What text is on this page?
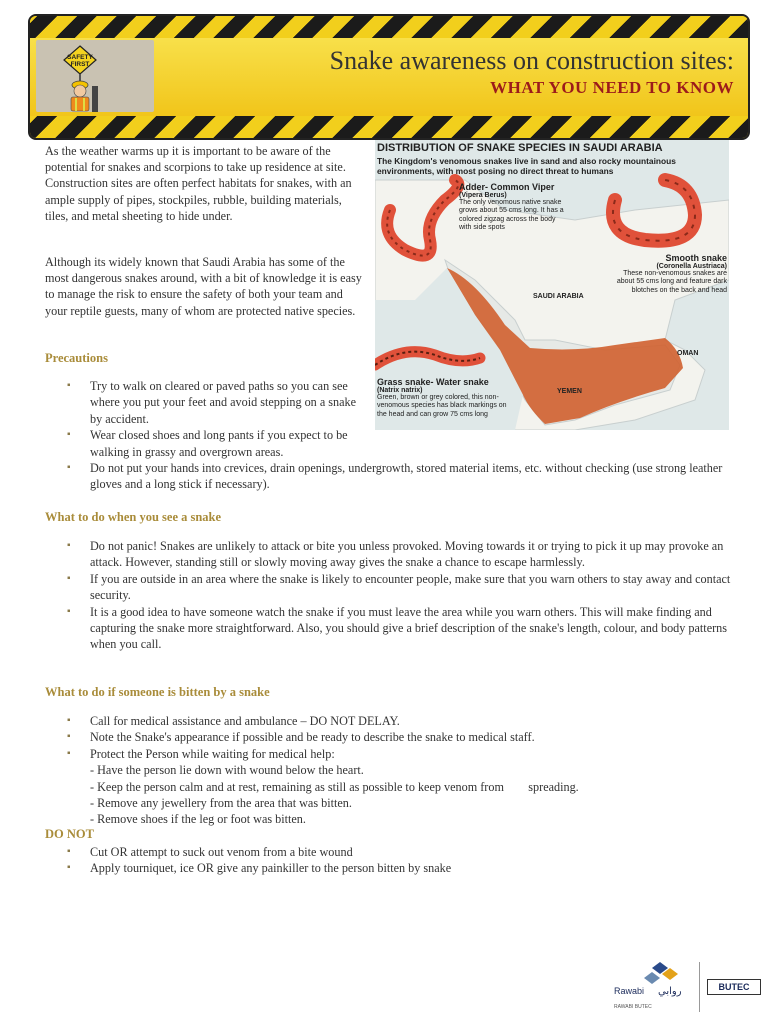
SAFETY
FIRST	Snake awareness on construction sites:
WHAT YOU NEED TO KNOW

As the weather warms up it is important to be aware of the potential for snakes and scorpions to take up residence at site. Construction sites are often perfect habitats for snakes, with an ample supply of pipes, stockpiles, rubble, building materials, tiles, and metal sheeting to hide under.

Although its widely known that Saudi Arabia has some of the most dangerous snakes around, with a bit of knowledge it is easy to manage the risk to ensure the safety of both your team and your reptile guests, many of whom are protected native species.

DISTRIBUTION OF SNAKE SPECIES IN SAUDI ARABIA
The Kingdom's venomous snakes live in sand and also rocky mountainous environments, with most posing no direct threat to humans
Adder- Common Viper
(Vipera Berus)
The only venomous native snake grows about 55 cms long. It has a colored zigzag across the body with side spots
Smooth snake
(Coronella Austriaca)
These non-venomous snakes are about 55 cms long and feature dark blotches on the back and head
Grass snake- Water snake
(Natrix natrix)
Green, brown or grey colored, this non-venomous species has black markings on the head and can grow 75 cms long
SAUDI ARABIA
OMAN
YEMEN
Precautions
▪ Try to walk on cleared or paved paths so you can see where you put your feet and avoid stepping on a snake by accident.
▪ Wear closed shoes and long pants if you expect to be walking in grassy and overgrown areas.
▪ Do not put your hands into crevices, drain openings, undergrowth, stored material items, etc. without checking (use strong leather gloves and a long stick if necessary).
What to do when you see a snake
▪ Do not panic! Snakes are unlikely to attack or bite you unless provoked. Moving towards it or trying to pick it up may provoke an attack. However, standing still or slowly moving away gives the snake a chance to escape harmlessly.
▪ If you are outside in an area where the snake is likely to encounter people, make sure that you warn others to stay away and contact security.
▪ It is a good idea to have someone watch the snake if you must leave the area while you warn others. This will make finding and capturing the snake more straightforward. Also, you should give a brief description of the snake's length, colour, and body patterns when you call.
What to do if someone is bitten by a snake
▪ Call for medical assistance and ambulance – DO NOT DELAY.
▪ Note the Snake's appearance if possible and be ready to describe the snake to medical staff.
▪ Protect the Person while waiting for medical help:
- Have the person lie down with wound below the heart.
- Keep the person calm and at rest, remaining as still as possible to keep venom from        spreading.
- Remove any jewellery from the area that was bitten.
- Remove shoes if the leg or foot was bitten.
DO NOT
▪ Cut OR attempt to suck out venom from a bite wound
▪ Apply tourniquet, ice OR give any painkiller to the person bitten by snake
Rawabi روابي
RAWABI BUTEC
BUTEC
